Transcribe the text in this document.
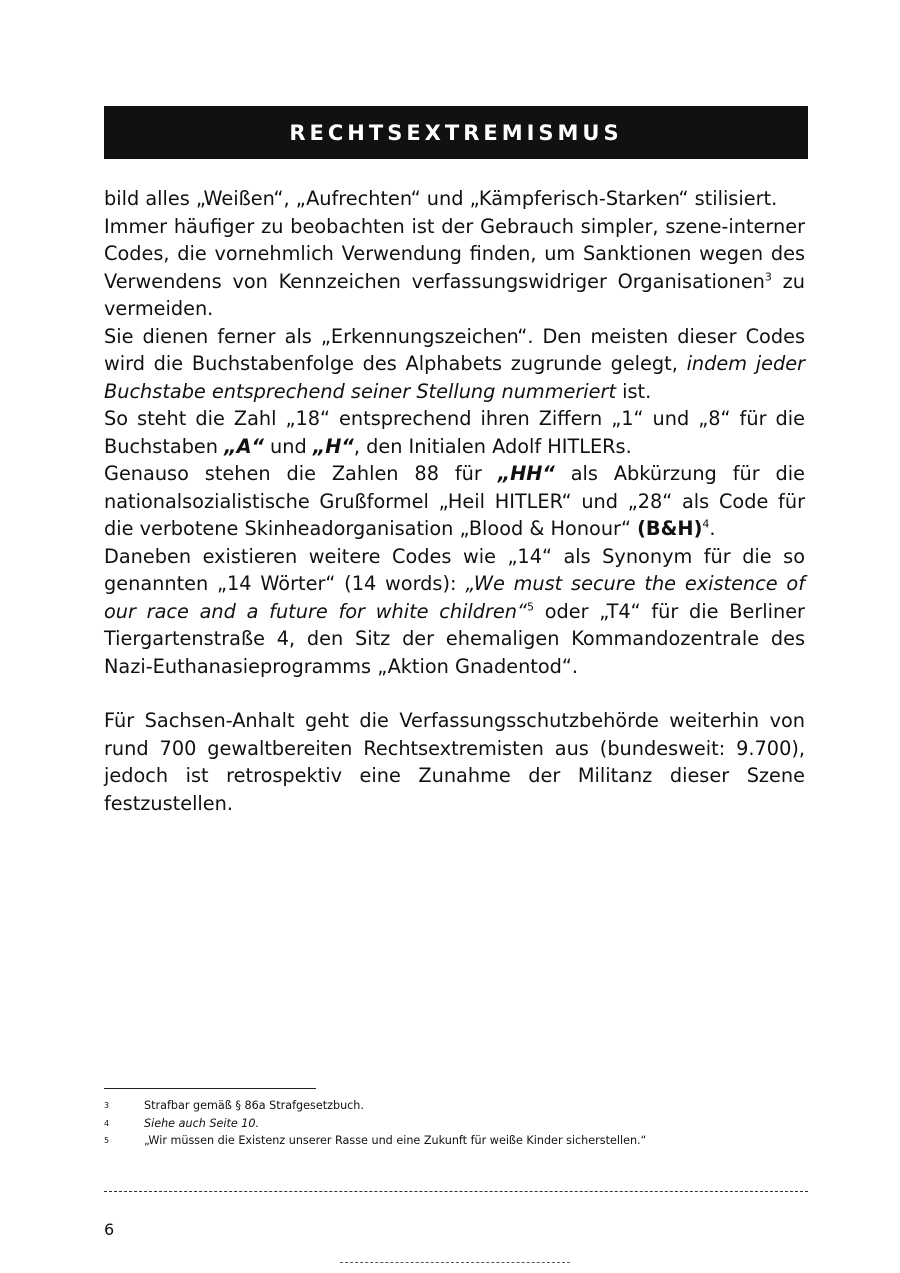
RECHTSEXTREMISMUS

bild alles „Weißen“, „Aufrechten“ und „Kämpferisch-Starken“ stilisiert.

Immer häufiger zu beobachten ist der Gebrauch simpler, szene-interner Codes, die vornehmlich Verwendung finden, um Sanktionen wegen des Verwendens von Kennzeichen verfassungswidriger Organisationen$^3$ zu vermeiden.

Sie dienen ferner als „Erkennungszeichen“. Den meisten dieser Codes wird die Buchstabenfolge des Alphabets zugrunde gelegt, indem jeder Buchstabe entsprechend seiner Stellung nummeriert ist.

So steht die Zahl „18“ entsprechend ihren Ziffern „1“ und „8“ für die Buchstaben „A“ und „H“, den Initialen Adolf HITLERs.

Genauso stehen die Zahlen 88 für „HH“ als Abkürzung für die nationalsozialistische Grußformel „Heil HITLER“ und „28“ als Code für die verbotene Skinheadorganisation „Blood & Honour“ (B&H)$^4$.

Daneben existieren weitere Codes wie „14“ als Synonym für die so genannten „14 Wörter“ (14 words): „We must secure the existence of our race and a future for white children“$^5$ oder „T4“ für die Berliner Tiergartenstraße 4, den Sitz der ehemaligen Kommandozentrale des Nazi-Euthanasieprogramms „Aktion Gnadentod“.

Für Sachsen-Anhalt geht die Verfassungsschutzbehörde weiterhin von rund 700 gewaltbereiten Rechtsextremisten aus (bundesweit: 9.700), jedoch ist retrospektiv eine Zunahme der Militanz dieser Szene festzustellen.

3	Strafbar gemäß § 86a Strafgesetzbuch.
4	Siehe auch Seite 10.
5	„Wir müssen die Existenz unserer Rasse und eine Zukunft für weiße Kinder sicherstellen.“
6
